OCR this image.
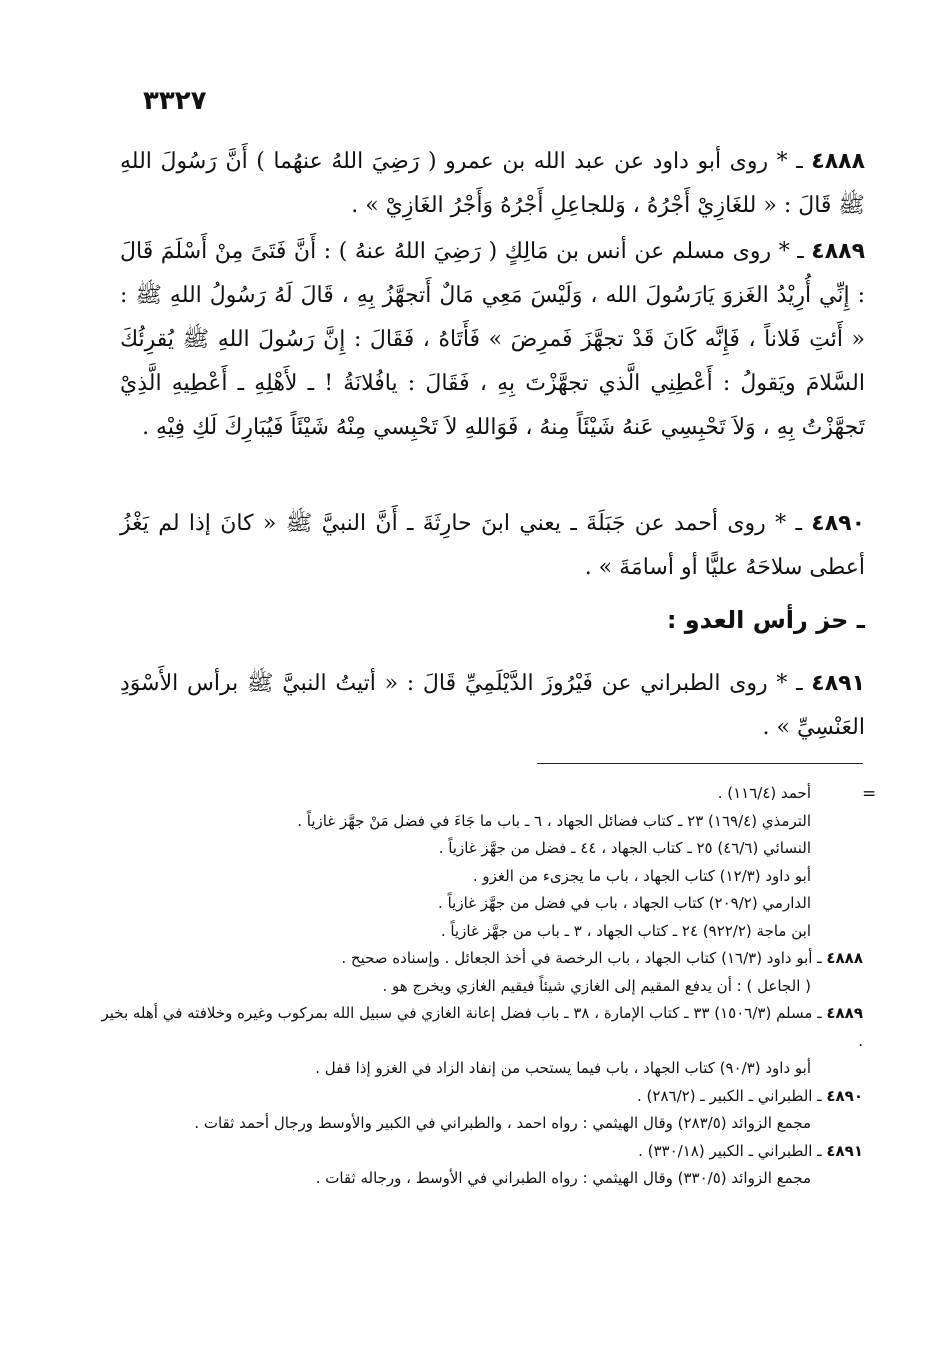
٣٣٢٧
٤٨٨٨ ـ * روى أبو داود عن عبد الله بن عمرو ( رَضِيَ اللهُ عنهُما ) أَنَّ رَسُولَ اللهِ ﷺ قَالَ : « للغَازِيْ أَجْرُهُ ، وَللجاعِلِ أَجْرُهُ وَأَجْرُ الغَازِيْ » .
٤٨٨٩ ـ * روى مسلم عن أنس بن مَالِكٍ ( رَضِيَ اللهُ عنهُ ) : أَنَّ فَتَىً مِنْ أَسْلَمَ قَالَ : إِنِّي أُرِيْدُ الغَزوَ يَارَسُولَ الله ، وَلَيْسَ مَعِي مَالٌ أَتجهَّزُ بِهِ ، قَالَ لَهُ رَسُولُ اللهِ ﷺ : « أَئتِ فَلاناً ، فَإِنَّه كَانَ قَدْ تجهَّزَ فَمرِضَ » فَأَتَاهُ ، فَقَالَ : إِنَّ رَسُولَ اللهِ ﷺ يُقرِئُكَ السَّلامَ ويَقولُ : أَعْطِنِي الَّذي تجهَّزْتَ بِهِ ، فَقَالَ : يافُلانَةُ ! ـ لأَهْلِهِ ـ أَعْطِيهِ الَّذِيْ تَجهَّزْتُ بِهِ ، وَلاَ تَحْبِسِي عَنهُ شَيْئَاً مِنهُ ، فَوَاللهِ لاَ تَحْبِسي مِنْهُ شَيْئَاً فَيُبَارِكَ لَكِ فِيْهِ .
٤٨٩٠ ـ * روى أحمد عن جَبَلَةَ ـ يعني ابنَ حارِثَةَ ـ أَنَّ النبيَّ ﷺ « كانَ إذا لم يَغْزُ أعطى سلاحَهُ عليًّا أو أسامَةَ » .
ـ حز رأس العدو :
٤٨٩١ ـ * روى الطبراني عن فَيْرُوزَ الدَّيْلَمِيِّ قَالَ : « أتيتُ النبيَّ ﷺ برأس الأَسْوَدِ العَنْسِيِّ » .
=

أحمد (١١٦/٤) .

الترمذي (١٦٩/٤) ٢٣ ـ كتاب فضائل الجهاد ، ٦ ـ باب ما جَاءَ في فضل مَنْ جهَّز غازياً .

النسائي (٤٦/٦) ٢٥ ـ كتاب الجهاد ، ٤٤ ـ فضل من جهَّز غازياً .

أبو داود (١٢/٣) كتاب الجهاد ، باب ما يجزىء من الغزو .

الدارمي (٢٠٩/٢) كتاب الجهاد ، باب في فضل من جهَّز غازياً .

ابن ماجة (٩٢٢/٢) ٢٤ ـ كتاب الجهاد ، ٣ ـ باب من جهَّز غازياً .

٤٨٨٨ ـ أبو داود (١٦/٣) كتاب الجهاد ، باب الرخصة في أخذ الجعائل . وإسناده صحيح .

( الجاعل ) : أن يدفع المقيم إلى الغازي شيئاً فيقيم الغازي ويخرج هو .

٤٨٨٩ ـ مسلم (١٥٠٦/٣) ٣٣ ـ كتاب الإمارة ، ٣٨ ـ باب فضل إعانة الغازي في سبيل الله بمركوب وغيره وخلافته في أهله بخير .

أبو داود (٩٠/٣) كتاب الجهاد ، باب فيما يستحب من إنفاد الزاد في الغزو إذا قفل .

٤٨٩٠ ـ الطبراني ـ الكبير ـ (٢٨٦/٢) .

مجمع الزوائد (٢٨٣/٥) وقال الهيثمي : رواه احمد ، والطبراني في الكبير والأوسط ورجال أحمد ثقات .

٤٨٩١ ـ الطبراني ـ الكبير (٣٣٠/١٨) .

مجمع الزوائد (٣٣٠/٥) وقال الهيثمي : رواه الطبراني في الأوسط ، ورجاله ثقات .
